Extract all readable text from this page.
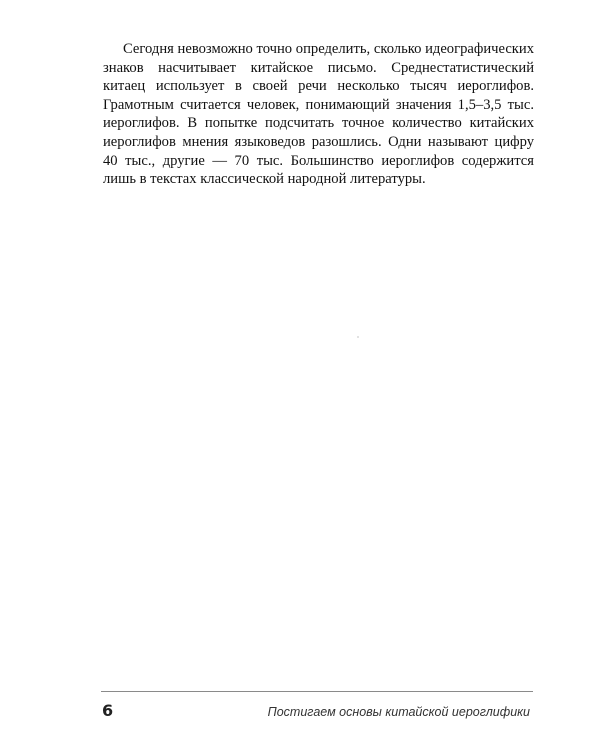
Сегодня невозможно точно определить, сколько идеографических знаков насчитывает китайское письмо. Среднестатистический китаец использует в своей речи несколько тысяч иероглифов. Грамотным считается человек, понимающий значения 1,5–3,5 тыс. иероглифов. В попытке подсчитать точное количество китайских иероглифов мнения языковедов разошлись. Одни называют цифру 40 тыс., другие — 70 тыс. Большинство иероглифов содержится лишь в текстах классической народной литературы.

6	Постигаем основы китайской иероглифики
